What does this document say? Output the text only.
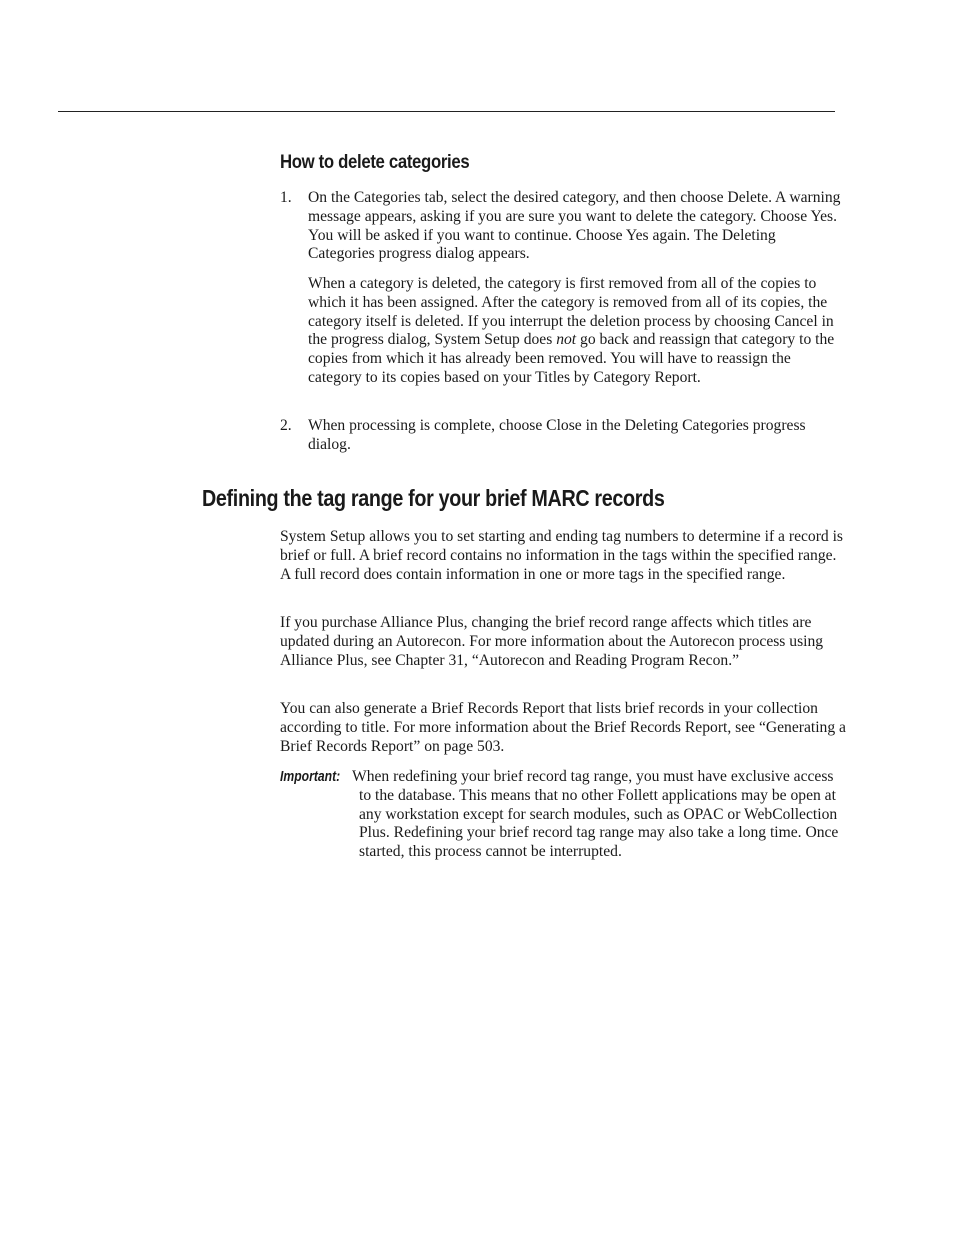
How to delete categories
1. On the Categories tab, select the desired category, and then choose Delete. A warning message appears, asking if you are sure you want to delete the category. Choose Yes. You will be asked if you want to continue. Choose Yes again. The Deleting Categories progress dialog appears.

When a category is deleted, the category is first removed from all of the copies to which it has been assigned. After the category is removed from all of its copies, the category itself is deleted. If you interrupt the deletion process by choosing Cancel in the progress dialog, System Setup does not go back and reassign that category to the copies from which it has already been removed. You will have to reassign the category to its copies based on your Titles by Category Report.

2. When processing is complete, choose Close in the Deleting Categories progress dialog.

Defining the tag range for your brief MARC records

System Setup allows you to set starting and ending tag numbers to determine if a record is brief or full. A brief record contains no information in the tags within the specified range. A full record does contain information in one or more tags in the specified range.

If you purchase Alliance Plus, changing the brief record range affects which titles are updated during an Autorecon. For more information about the Autorecon process using Alliance Plus, see Chapter 31, “Autorecon and Reading Program Recon.”

You can also generate a Brief Records Report that lists brief records in your collection according to title. For more information about the Brief Records Report, see “Generating a Brief Records Report” on page 503.

Important: When redefining your brief record tag range, you must have exclusive access to the database. This means that no other Follett applications may be open at any workstation except for search modules, such as OPAC or WebCollection Plus. Redefining your brief record tag range may also take a long time. Once started, this process cannot be interrupted.
